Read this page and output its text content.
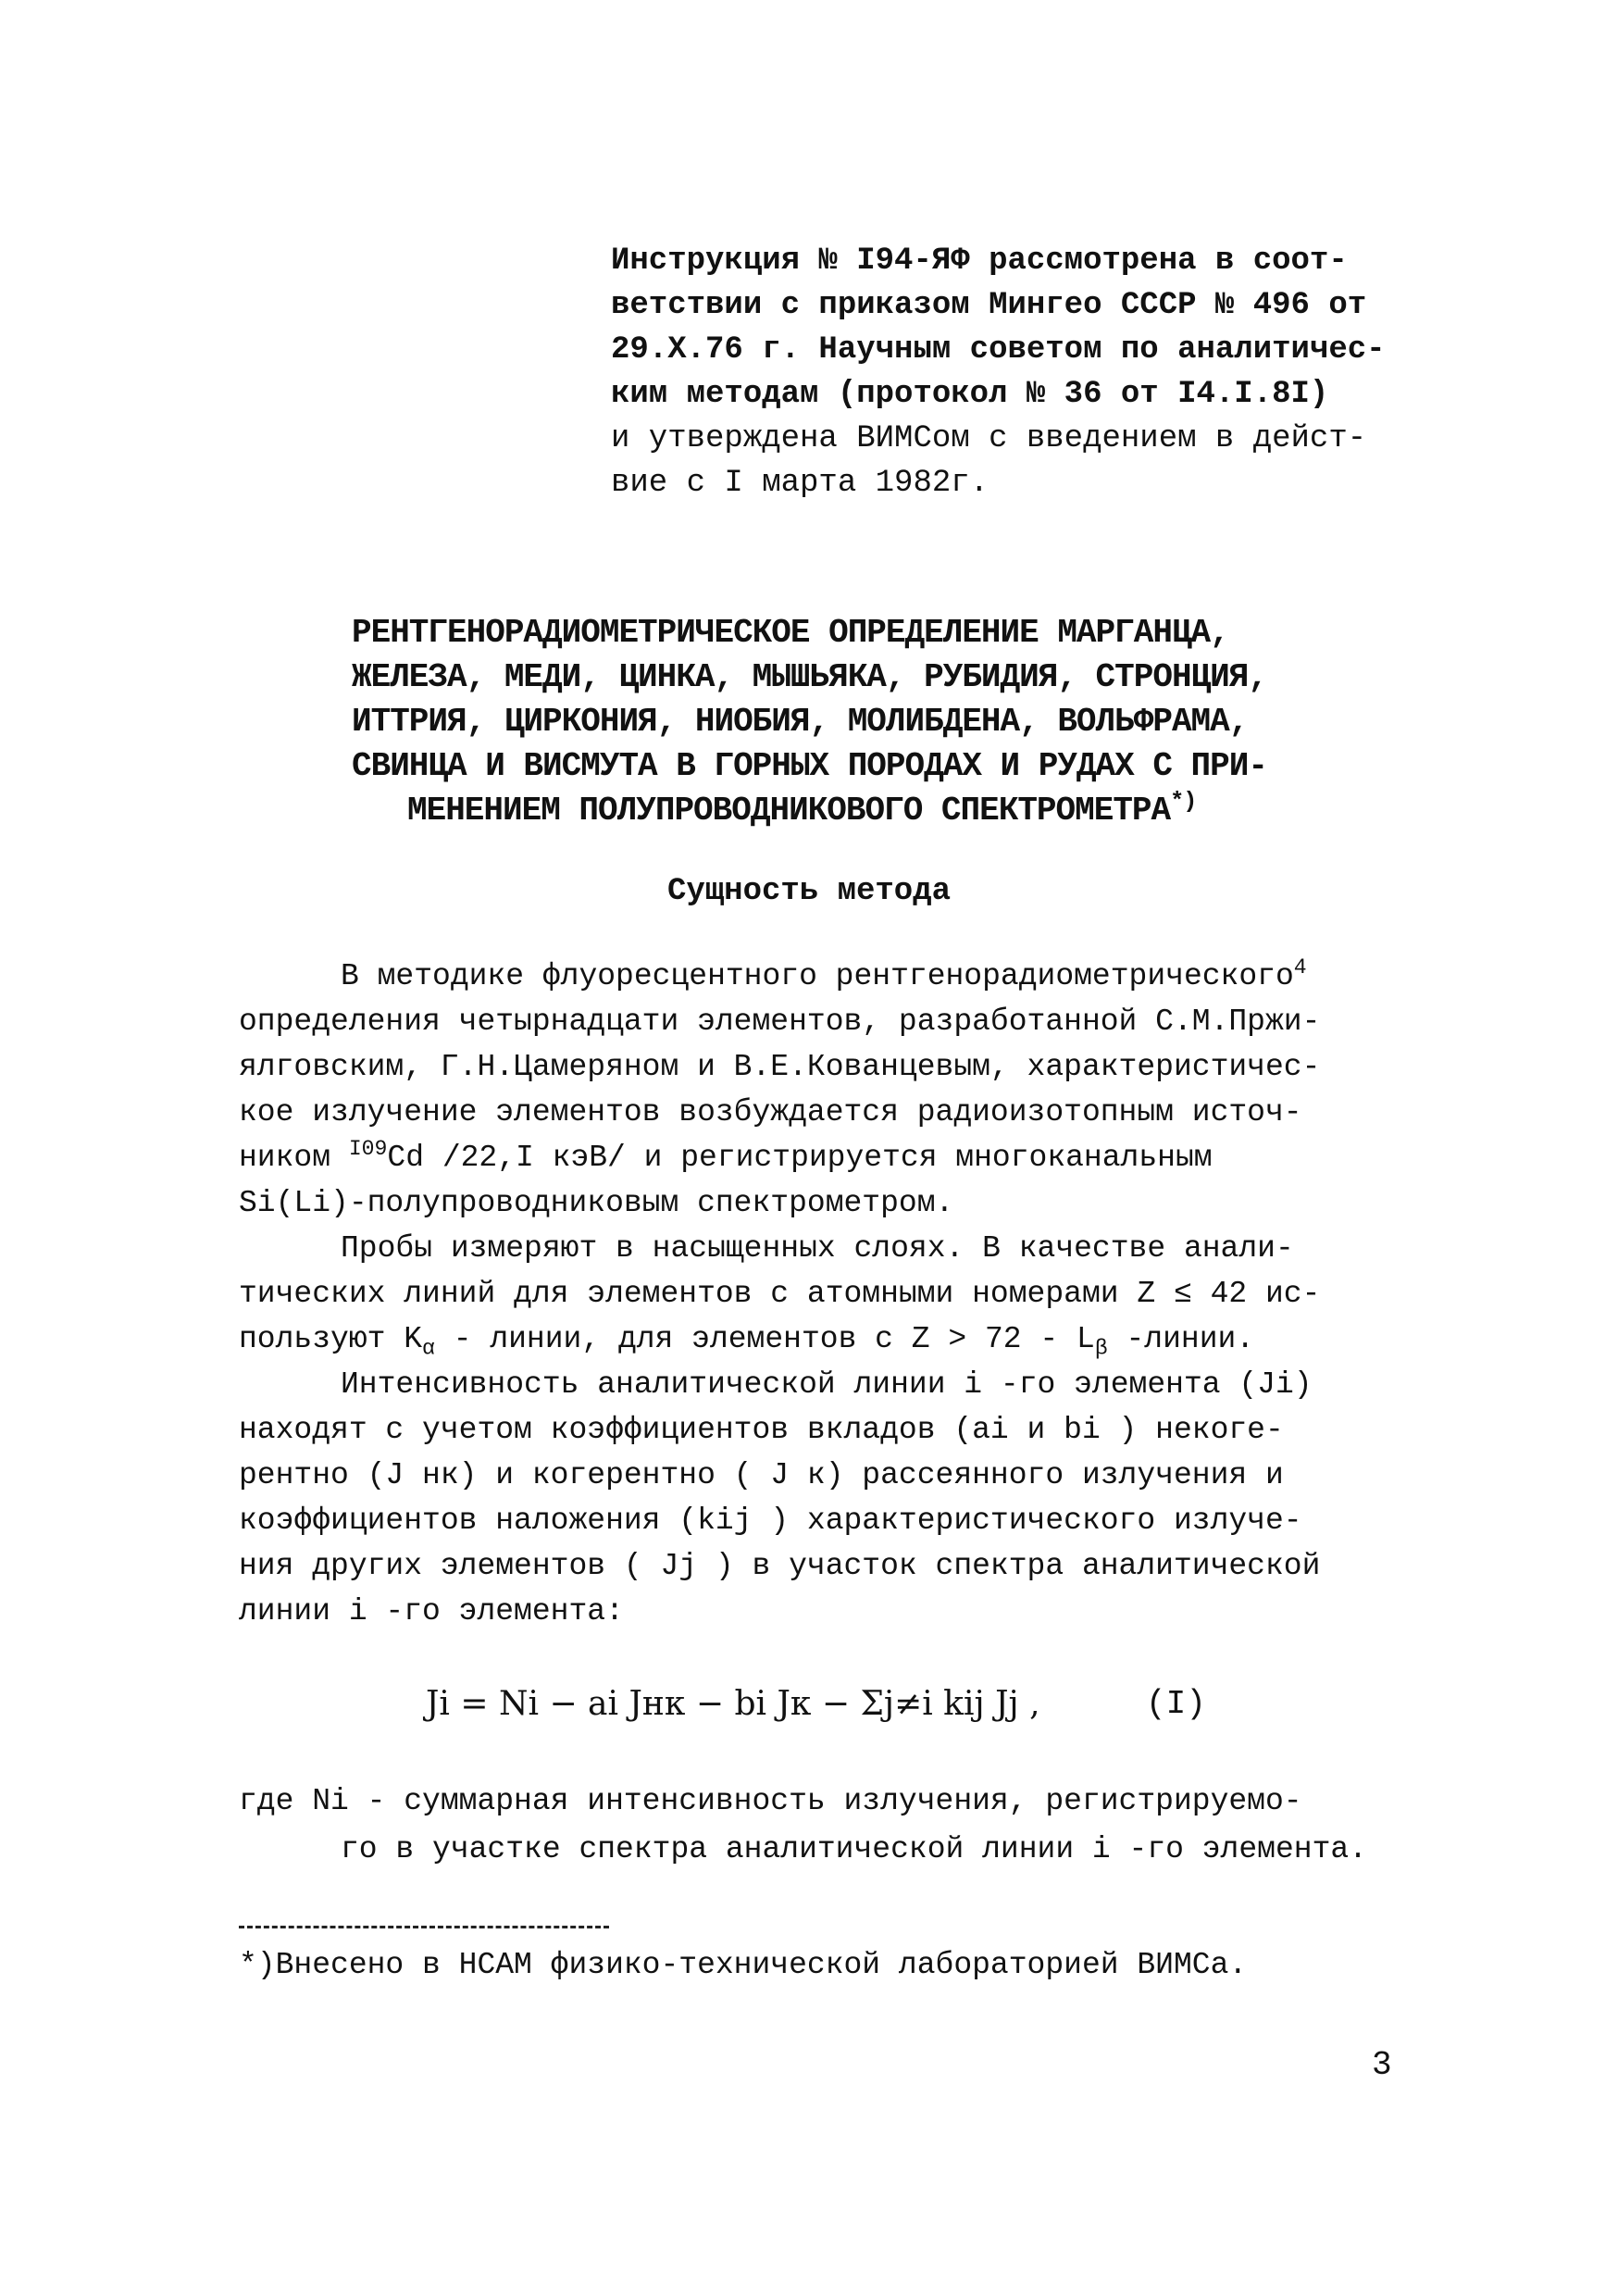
Инструкция № I94-ЯФ рассмотрена в соот-
ветствии с приказом Мингео СССР № 496 от
29.X.76 г. Научным советом по аналитичес-
ким методам (протокол № 36 от I4.I.8I)
и утверждена ВИМСом с введением в дейст-
вие с I марта 1982г.
РЕНТГЕНОРАДИОМЕТРИЧЕСКОЕ ОПРЕДЕЛЕНИЕ МАРГАНЦА,
ЖЕЛЕЗА, МЕДИ, ЦИНКА, МЫШЬЯКА, РУБИДИЯ, СТРОНЦИЯ,
ИТТРИЯ, ЦИРКОНИЯ, НИОБИЯ, МОЛИБДЕНА, ВОЛЬФРАМА,
СВИНЦА И ВИСМУТА В ГОРНЫХ ПОРОДАХ И РУДАХ С ПРИ-
МЕНЕНИЕМ ПОЛУПРОВОДНИКОВОГО СПЕКТРОМЕТРА*)
Сущность метода
В методике флуоресцентного рентгенорадиометрического$^4$
определения четырнадцати элементов, разработанной С.М.Пржи-
ялговским, Г.Н.Цамеряном и В.Е.Кованцевым, характеристичес-
кое излучение элементов возбуждается радиоизотопным источ-
ником $^{I09}$Cd /22,I кэВ/ и регистрируется многоканальным
Si(Li)-полупроводниковым спектрометром.
Пробы измеряют в насыщенных слоях. В качестве анали-
тических линий для элементов с атомными номерами Z ≤ 42 ис-
пользуют $K_\alpha$ - линии, для элементов с $Z > 72 - L_\beta$ -линии.
Интенсивность аналитической линии i -го элемента (Ji)
находят с учетом коэффициентов вкладов (ai и bi ) некоге-
рентно (J нк) и когерентно ( J к) рассеянного излучения и
коэффициентов наложения (kij ) характеристического излуче-
ния других элементов ( Jj ) в участок спектра аналитической
линии i -го элемента:
Ji = Ni − ai Jнк − bi Jк − Σj≠i kij Jj ,	(I)
где Ni - суммарная интенсивность излучения, регистрируемо-
го в участке спектра аналитической линии i -го элемента.
*)Внесено в НСАМ физико-технической лабораторией ВИМСа.
3
